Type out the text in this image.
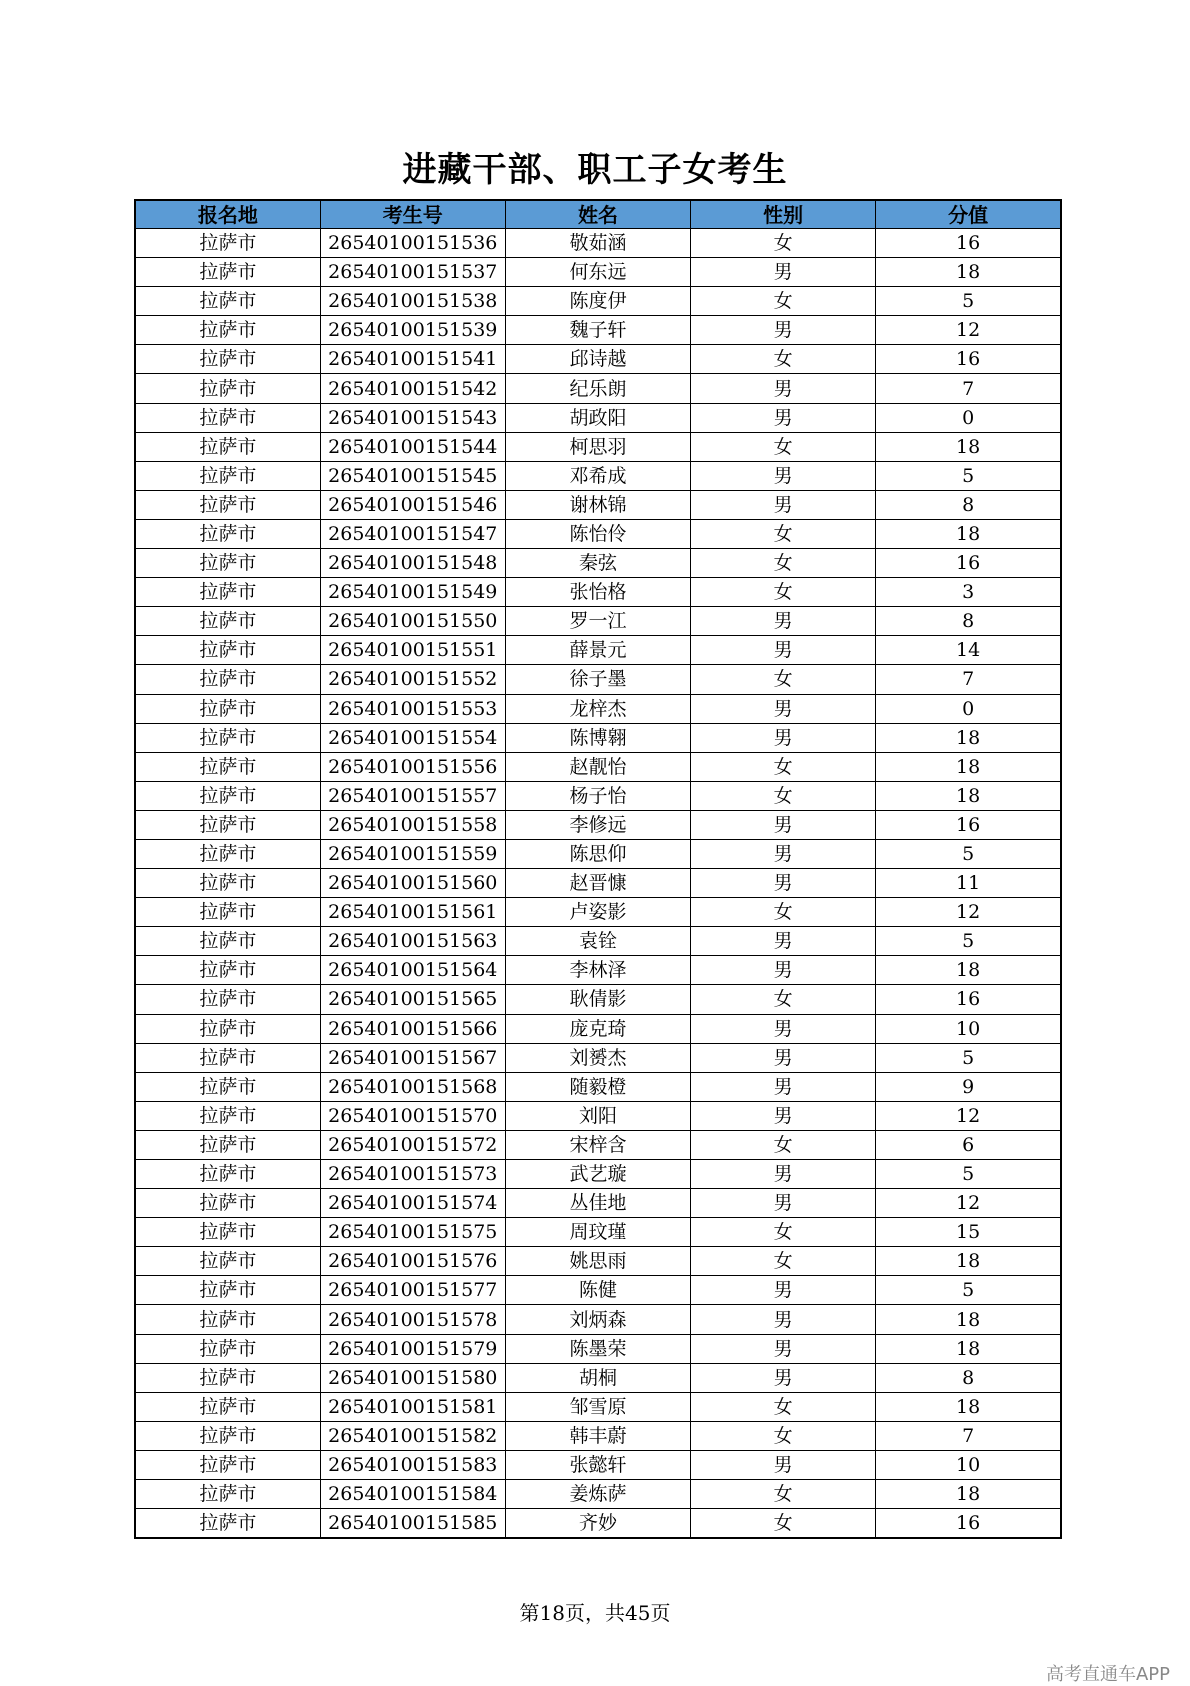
进藏干部、职工子女考生
报名地	考生号	姓名	性别	分值
拉萨市	26540100151536	敬茹涵	女	16
拉萨市	26540100151537	何东远	男	18
拉萨市	26540100151538	陈度伊	女	5
拉萨市	26540100151539	魏子轩	男	12
拉萨市	26540100151541	邱诗越	女	16
拉萨市	26540100151542	纪乐朗	男	7
拉萨市	26540100151543	胡政阳	男	0
拉萨市	26540100151544	柯思羽	女	18
拉萨市	26540100151545	邓希成	男	5
拉萨市	26540100151546	谢林锦	男	8
拉萨市	26540100151547	陈怡伶	女	18
拉萨市	26540100151548	秦弦	女	16
拉萨市	26540100151549	张怡格	女	3
拉萨市	26540100151550	罗一江	男	8
拉萨市	26540100151551	薛景元	男	14
拉萨市	26540100151552	徐子墨	女	7
拉萨市	26540100151553	龙梓杰	男	0
拉萨市	26540100151554	陈博翱	男	18
拉萨市	26540100151556	赵靓怡	女	18
拉萨市	26540100151557	杨子怡	女	18
拉萨市	26540100151558	李修远	男	16
拉萨市	26540100151559	陈思仰	男	5
拉萨市	26540100151560	赵晋慷	男	11
拉萨市	26540100151561	卢姿影	女	12
拉萨市	26540100151563	袁铨	男	5
拉萨市	26540100151564	李林泽	男	18
拉萨市	26540100151565	耿倩影	女	16
拉萨市	26540100151566	庞克琦	男	10
拉萨市	26540100151567	刘赟杰	男	5
拉萨市	26540100151568	随毅橙	男	9
拉萨市	26540100151570	刘阳	男	12
拉萨市	26540100151572	宋梓含	女	6
拉萨市	26540100151573	武艺璇	男	5
拉萨市	26540100151574	丛佳地	男	12
拉萨市	26540100151575	周玟瑾	女	15
拉萨市	26540100151576	姚思雨	女	18
拉萨市	26540100151577	陈健	男	5
拉萨市	26540100151578	刘炳森	男	18
拉萨市	26540100151579	陈墨荣	男	18
拉萨市	26540100151580	胡桐	男	8
拉萨市	26540100151581	邹雪原	女	18
拉萨市	26540100151582	韩丰蔚	女	7
拉萨市	26540100151583	张懿轩	男	10
拉萨市	26540100151584	姜炼萨	女	18
拉萨市	26540100151585	齐妙	女	16

第18页，共45页

高考直通车APP
